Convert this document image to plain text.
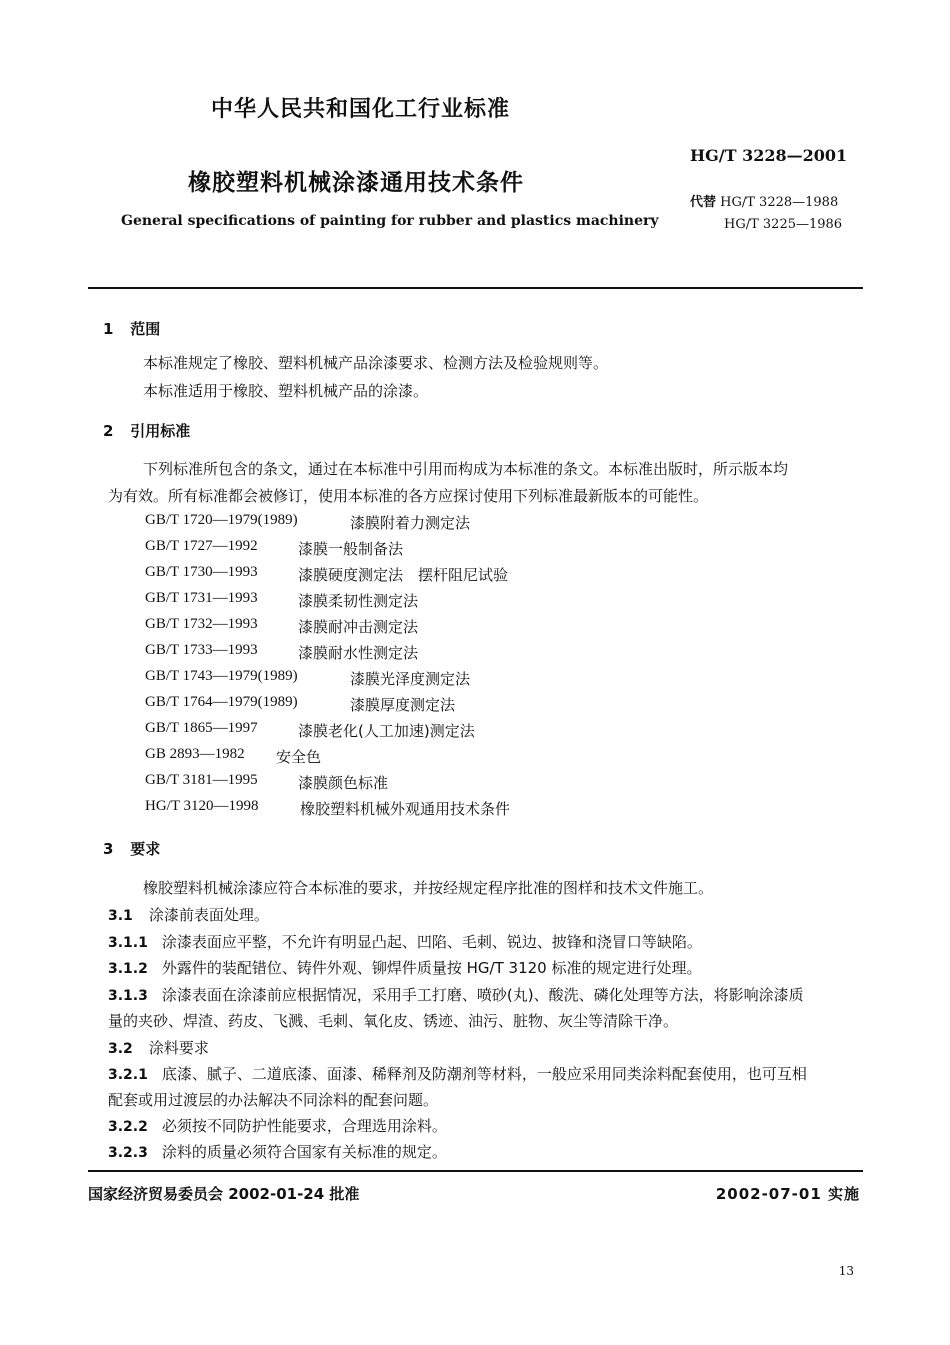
中华人民共和国化工行业标准
HG/T 3228—2001
橡胶塑料机械涂漆通用技术条件
General specifications of painting for rubber and plastics machinery
代替 HG/T 3228—1988
HG/T 3225—1986
1 范围
本标准规定了橡胶、塑料机械产品涂漆要求、检测方法及检验规则等。
本标准适用于橡胶、塑料机械产品的涂漆。
2 引用标准
下列标准所包含的条文，通过在本标准中引用而构成为本标准的条文。本标准出版时，所示版本均
为有效。所有标准都会被修订，使用本标准的各方应探讨使用下列标准最新版本的可能性。
GB/T 1720—1979(1989)	漆膜附着力测定法
GB/T 1727—1992	漆膜一般制备法
GB/T 1730—1993	漆膜硬度测定法　摆杆阻尼试验
GB/T 1731—1993	漆膜柔韧性测定法
GB/T 1732—1993	漆膜耐冲击测定法
GB/T 1733—1993	漆膜耐水性测定法
GB/T 1743—1979(1989)	漆膜光泽度测定法
GB/T 1764—1979(1989)	漆膜厚度测定法
GB/T 1865—1997	漆膜老化(人工加速)测定法
GB 2893—1982 安全色
GB/T 3181—1995	漆膜颜色标准
HG/T 3120—1998	橡胶塑料机械外观通用技术条件
3 要求
橡胶塑料机械涂漆应符合本标准的要求，并按经规定程序批准的图样和技术文件施工。
3.1 涂漆前表面处理。
3.1.1 涂漆表面应平整，不允许有明显凸起、凹陷、毛刺、锐边、披锋和浇冒口等缺陷。
3.1.2 外露件的装配错位、铸件外观、铆焊件质量按 HG/T 3120 标准的规定进行处理。
3.1.3 涂漆表面在涂漆前应根据情况，采用手工打磨、喷砂(丸)、酸洗、磷化处理等方法，将影响涂漆质
量的夹砂、焊渣、药皮、飞溅、毛刺、氧化皮、锈迹、油污、脏物、灰尘等清除干净。
3.2 涂料要求
3.2.1 底漆、腻子、二道底漆、面漆、稀释剂及防潮剂等材料，一般应采用同类涂料配套使用，也可互相
配套或用过渡层的办法解决不同涂料的配套问题。
3.2.2 必须按不同防护性能要求，合理选用涂料。
3.2.3 涂料的质量必须符合国家有关标准的规定。
国家经济贸易委员会 2002-01-24 批准	2002-07-01 实施
13
